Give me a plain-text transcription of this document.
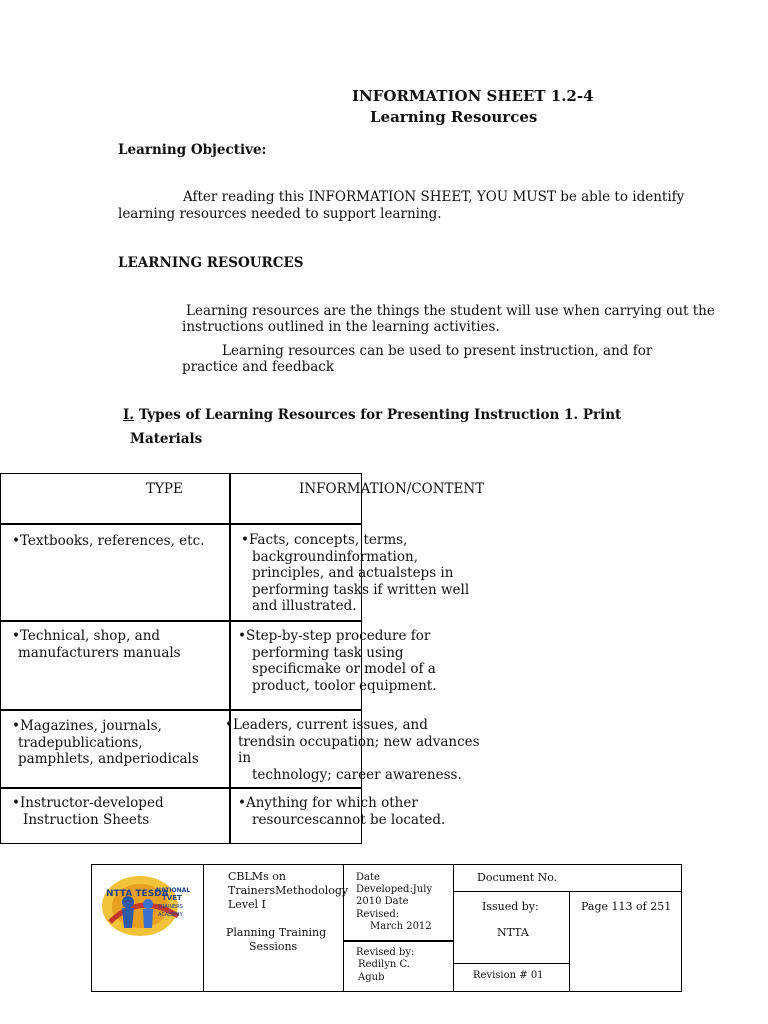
INFORMATION SHEET 1.2-4
Learning Resources
Learning Objective:
After reading this INFORMATION SHEET, YOU MUST be able to identify
learning resources needed to support learning.
LEARNING RESOURCES
Learning resources are the things the student will use when carrying out the
instructions outlined in the learning activities.
Learning resources can be used to present instruction, and for
practice and feedback
I. Types of Learning Resources for Presenting Instruction 1. Print
Materials
TYPE	INFORMATION/CONTENT
•Textbooks, references, etc.	•Facts, concepts, terms,
backgroundinformation,
principles, and actualsteps in
performing tasks if written well
and illustrated.
•Technical, shop, and
manufacturers manuals
•Step-by-step procedure for
performing task using
specificmake or model of a
product, toolor equipment.
•Magazines, journals,
tradepublications,
pamphlets, andperiodicals
•Leaders, current issues, and
trendsin occupation; new advances
in
technology; career awareness.
•Instructor-developed
Instruction Sheets
•Anything for which other
resourcescannot be located.
NTTA TESDA
NATIONAL
TVET
TRAINERS
ACADEMY
CBLMs on
TrainersMethodology
Level I
Planning Training
Sessions
Date
Developed:July
2010 Date
Revised:
March 2012
Revised by:
Redilyn C.
Agub
Document No.
Issued by:
NTTA
Page 113 of 251
Revision # 01
